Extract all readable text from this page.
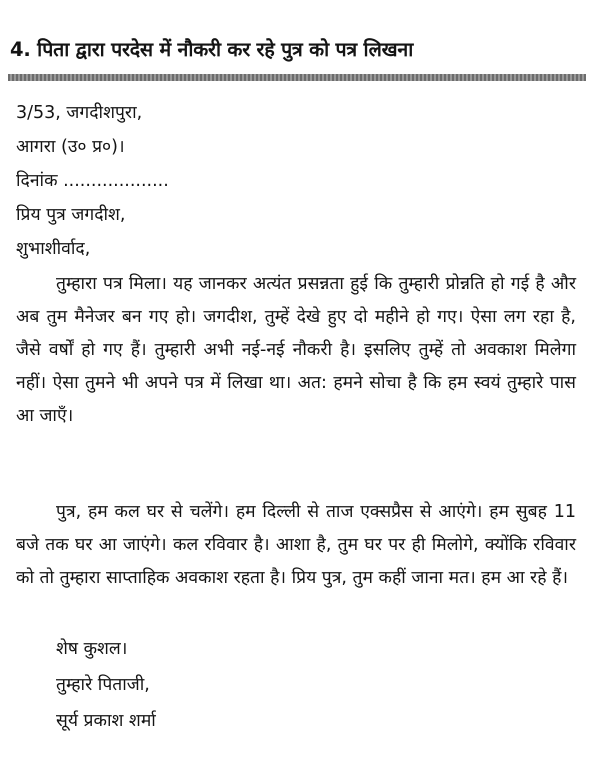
4. पिता द्वारा परदेस में नौकरी कर रहे पुत्र को पत्र लिखना
3/53, जगदीशपुरा,
आगरा (उ० प्र०)।
दिनांक ...................
प्रिय पुत्र जगदीश,
शुभाशीर्वाद,
तुम्हारा पत्र मिला। यह जानकर अत्यंत प्रसन्नता हुई कि तुम्हारी प्रोन्नति हो गई है और अब तुम मैनेजर बन गए हो। जगदीश, तुम्हें देखे हुए दो महीने हो गए। ऐसा लग रहा है, जैसे वर्षों हो गए हैं। तुम्हारी अभी नई-नई नौकरी है। इसलिए तुम्हें तो अवकाश मिलेगा नहीं। ऐसा तुमने भी अपने पत्र में लिखा था। अत: हमने सोचा है कि हम स्वयं तुम्हारे पास आ जाएँ।
पुत्र, हम कल घर से चलेंगे। हम दिल्ली से ताज एक्सप्रैस से आएंगे। हम सुबह 11 बजे तक घर आ जाएंगे। कल रविवार है। आशा है, तुम घर पर ही मिलोगे, क्योंकि रविवार को तो तुम्हारा साप्ताहिक अवकाश रहता है। प्रिय पुत्र, तुम कहीं जाना मत। हम आ रहे हैं।
शेष कुशल।
तुम्हारे पिताजी,
सूर्य प्रकाश शर्मा
